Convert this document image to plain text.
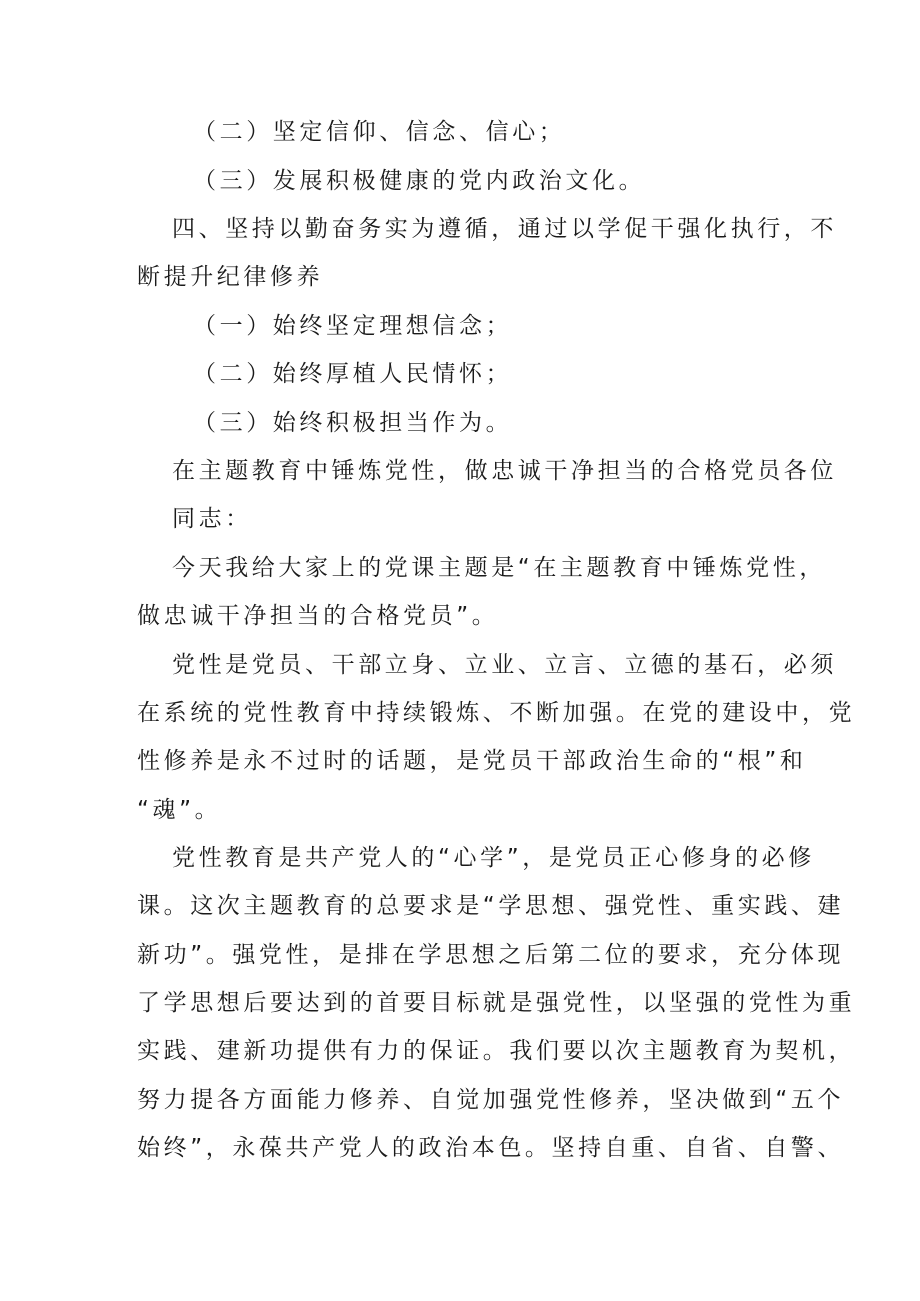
（二）坚定信仰、信念、信心；
（三）发展积极健康的党内政治文化。
四、坚持以勤奋务实为遵循，通过以学促干强化执行，不
断提升纪律修养
（一）始终坚定理想信念；
（二）始终厚植人民情怀；
（三）始终积极担当作为。
在主题教育中锤炼党性，做忠诚干净担当的合格党员各位
同志：
今天我给大家上的党课主题是“在主题教育中锤炼党性，
做忠诚干净担当的合格党员”。
党性是党员、干部立身、立业、立言、立德的基石，必须
在系统的党性教育中持续锻炼、不断加强。在党的建设中，党
性修养是永不过时的话题，是党员干部政治生命的“根”和
“魂”。
党性教育是共产党人的“心学”，是党员正心修身的必修
课。这次主题教育的总要求是“学思想、强党性、重实践、建
新功”。强党性，是排在学思想之后第二位的要求，充分体现
了学思想后要达到的首要目标就是强党性，以坚强的党性为重
实践、建新功提供有力的保证。我们要以次主题教育为契机，
努力提各方面能力修养、自觉加强党性修养，坚决做到“五个
始终”，永葆共产党人的政治本色。坚持自重、自省、自警、
